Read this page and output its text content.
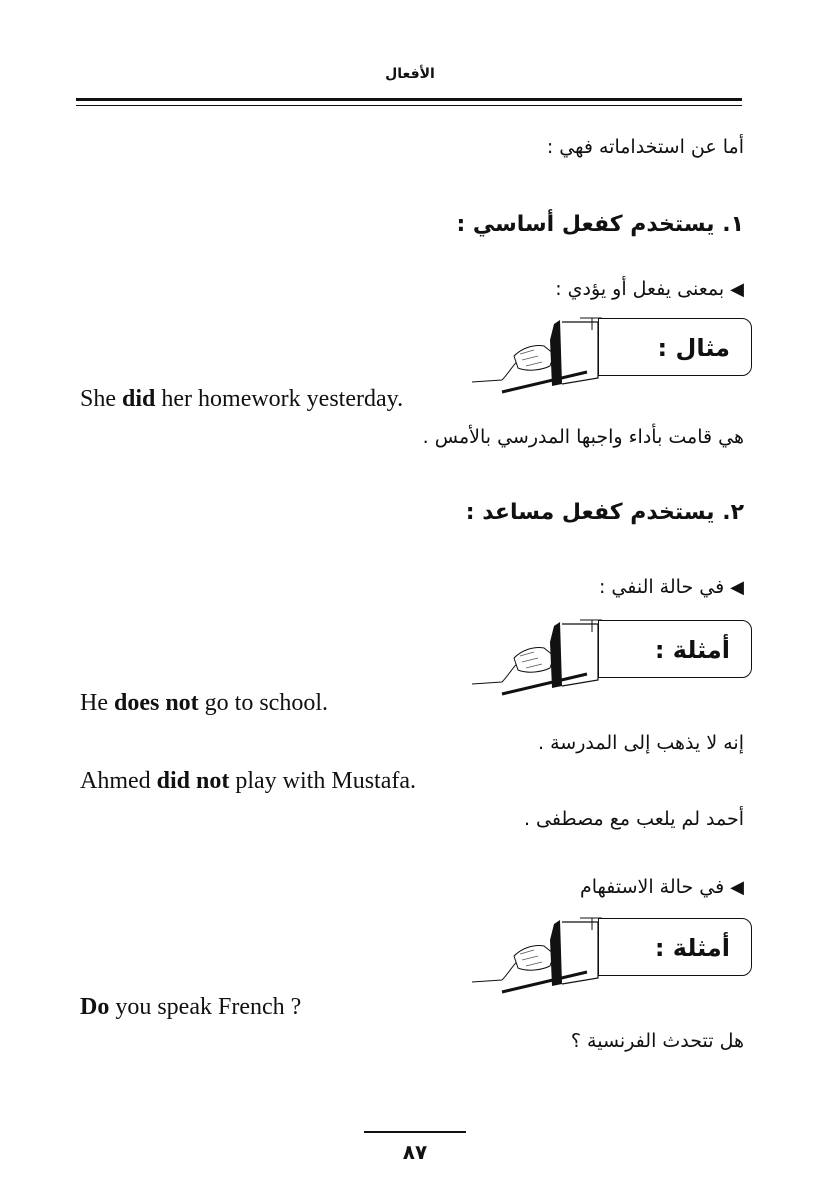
الأفعال
أما عن استخداماته فهي :
١. يستخدم كفعل أساسي :
◀بمعنى يفعل أو يؤدي :
مثال :
She did her homework yesterday.
هي قامت بأداء واجبها المدرسي بالأمس .
٢. يستخدم كفعل مساعد :
◀في حالة النفي :
أمثلة :
He does not go to school.
إنه لا يذهب إلى المدرسة .
Ahmed did not play with Mustafa.
أحمد لم يلعب مع مصطفى .
◀في حالة الاستفهام
أمثلة :
Do you speak French ?
هل تتحدث الفرنسية ؟
٨٧
